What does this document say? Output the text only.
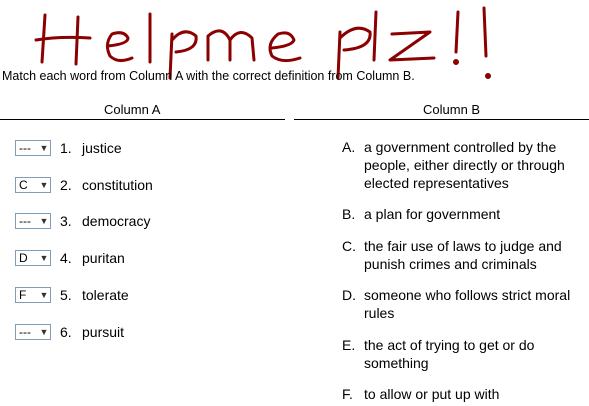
Match each word from Column A with the correct definition from Column B.
Column A	Column B
--- ▼ 1. justice
C	▼ 2. constitution
--- ▼ 3. democracy
D	▼ 4. puritan
F	▼ 5. tolerate
--- ▼ 6. pursuit
A. a government controlled by the people, either directly or through elected representatives
B. a plan for government
C. the fair use of laws to judge and punish crimes and criminals
D. someone who follows strict moral rules
E. the act of trying to get or do something
F. to allow or put up with
